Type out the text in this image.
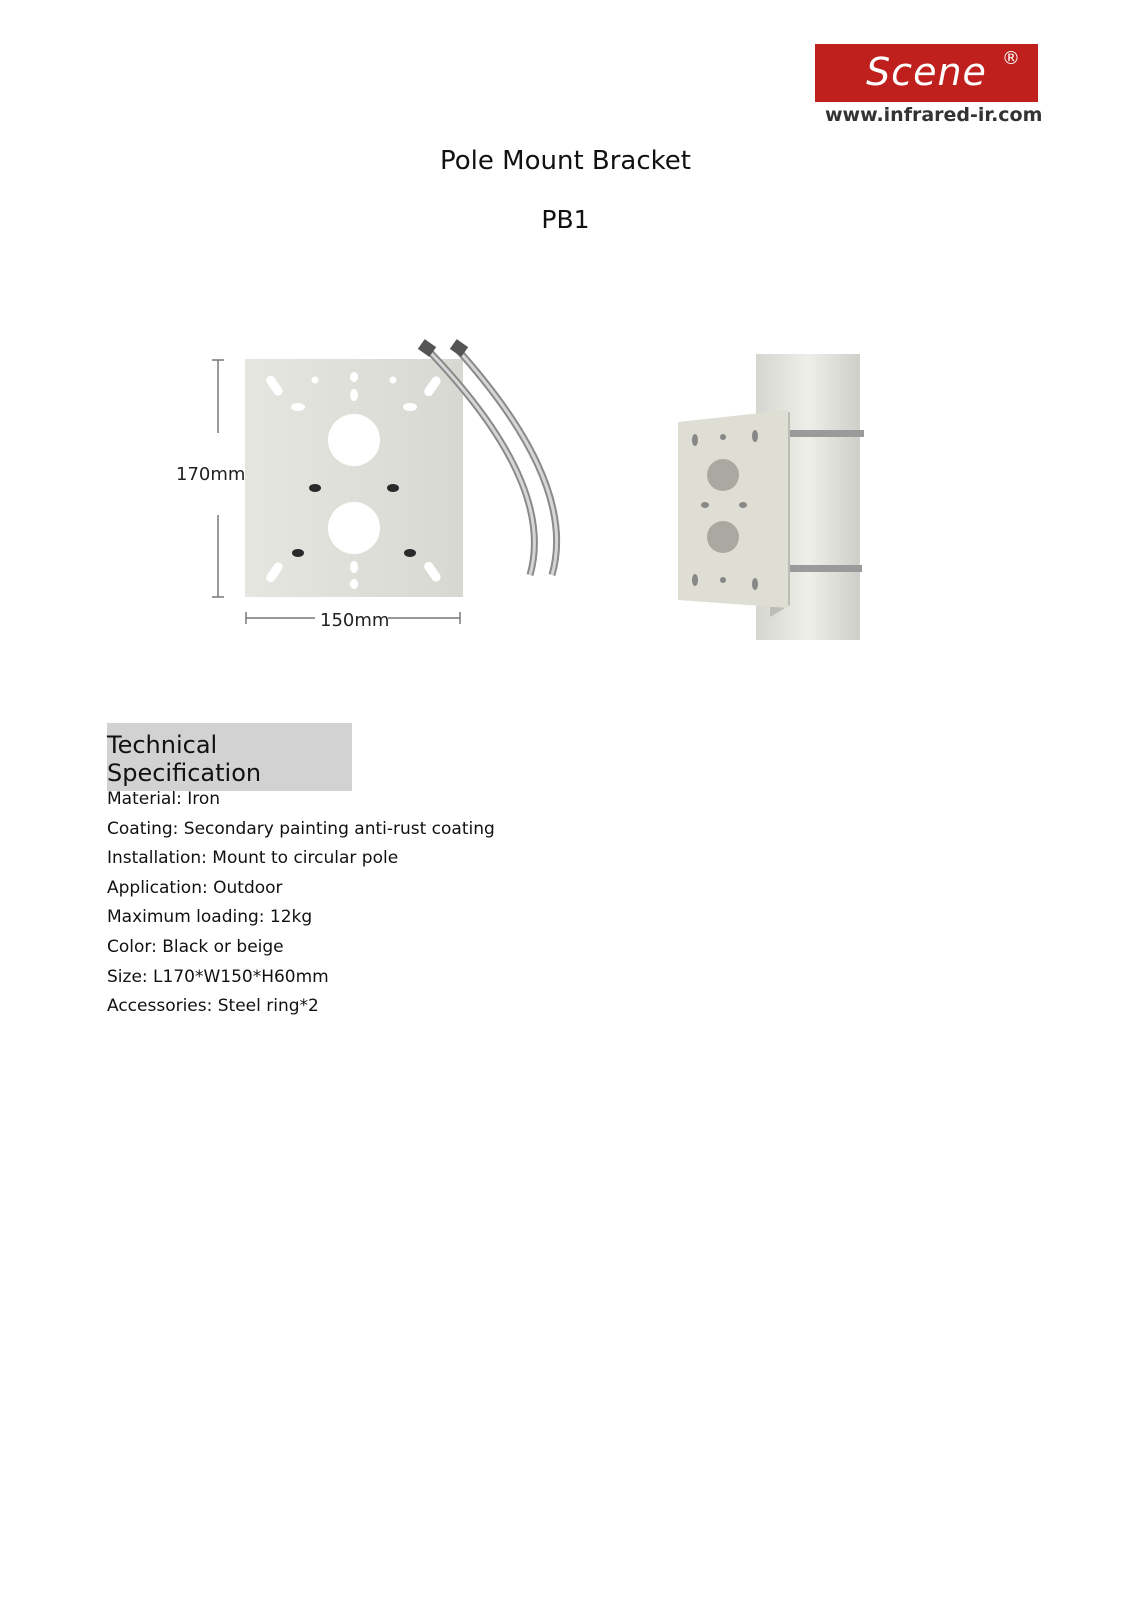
Scene ®
www.infrared-ir.com
Pole Mount Bracket
PB1
170mm
150mm
Technical Specification
Material: Iron
Coating: Secondary painting anti-rust coating
Installation: Mount to circular pole
Application: Outdoor
Maximum loading: 12kg
Color: Black or beige
Size: L170*W150*H60mm
Accessories: Steel ring*2
